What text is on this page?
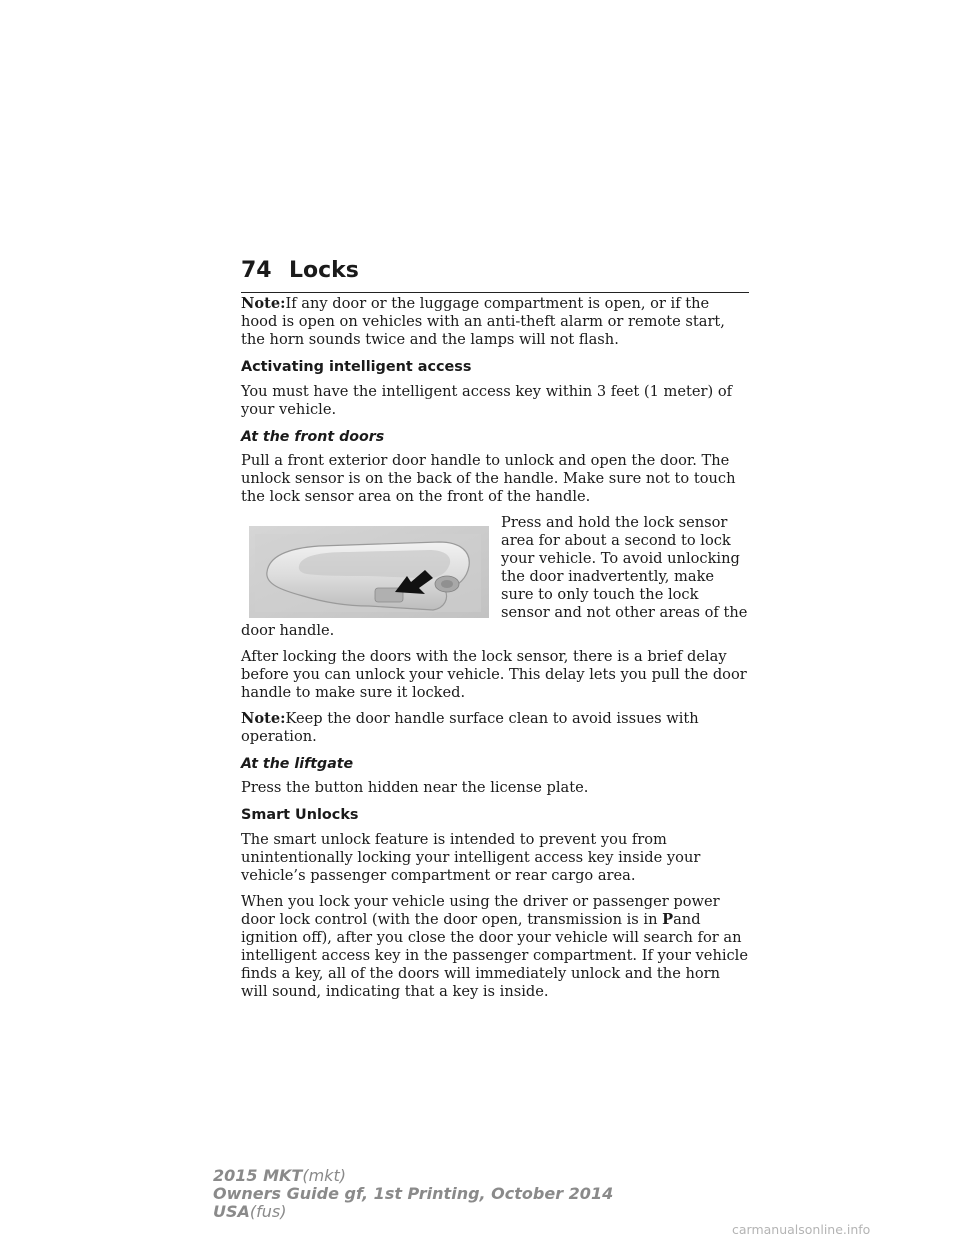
74 Locks

Note:If any door or the luggage compartment is open, or if the hood is open on vehicles with an anti-theft alarm or remote start, the horn sounds twice and the lamps will not flash.

Activating intelligent access

You must have the intelligent access key within 3 feet (1 meter) of your vehicle.

At the front doors

Pull a front exterior door handle to unlock and open the door. The unlock sensor is on the back of the handle. Make sure not to touch the lock sensor area on the front of the handle.

Press and hold the lock sensor area for about a second to lock your vehicle. To avoid unlocking the door inadvertently, make sure to only touch the lock sensor and not other areas of the door handle.

After locking the doors with the lock sensor, there is a brief delay before you can unlock your vehicle. This delay lets you pull the door handle to make sure it locked.

Note:Keep the door handle surface clean to avoid issues with operation.

At the liftgate

Press the button hidden near the license plate.

Smart Unlocks

The smart unlock feature is intended to prevent you from unintentionally locking your intelligent access key inside your vehicle’s passenger compartment or rear cargo area.

When you lock your vehicle using the driver or passenger power door lock control (with the door open, transmission is in Pand ignition off), after you close the door your vehicle will search for an intelligent access key in the passenger compartment. If your vehicle finds a key, all of the doors will immediately unlock and the horn will sound, indicating that a key is inside.

2015 MKT(mkt)
Owners Guide gf, 1st Printing, October 2014
USA(fus)
carmanualsonline.info
